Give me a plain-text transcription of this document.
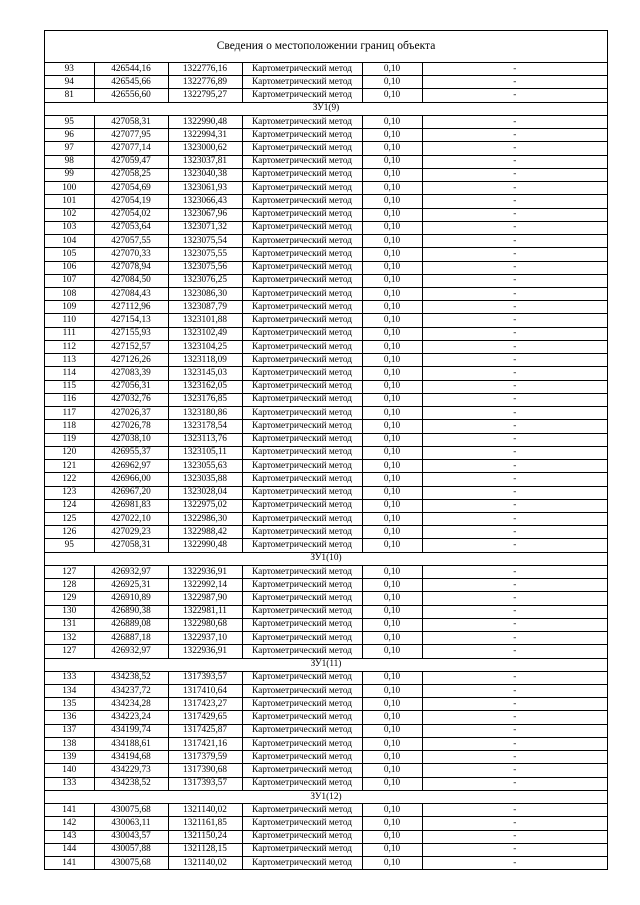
Сведения о местоположении границ объекта
93	426544,16	1322776,16	Картометрический метод	0,10	-
94	426545,66	1322776,89	Картометрический метод	0,10	-
81	426556,60	1322795,27	Картометрический метод	0,10	-
ЗУ1(9)					
95	427058,31	1322990,48	Картометрический метод	0,10	-
96	427077,95	1322994,31	Картометрический метод	0,10	-
97	427077,14	1323000,62	Картометрический метод	0,10	-
98	427059,47	1323037,81	Картометрический метод	0,10	-
99	427058,25	1323040,38	Картометрический метод	0,10	-
100	427054,69	1323061,93	Картометрический метод	0,10	-
101	427054,19	1323066,43	Картометрический метод	0,10	-
102	427054,02	1323067,96	Картометрический метод	0,10	-
103	427053,64	1323071,32	Картометрический метод	0,10	-
104	427057,55	1323075,54	Картометрический метод	0,10	-
105	427070,33	1323075,55	Картометрический метод	0,10	-
106	427078,94	1323075,56	Картометрический метод	0,10	-
107	427084,50	1323076,25	Картометрический метод	0,10	-
108	427084,43	1323086,30	Картометрический метод	0,10	-
109	427112,96	1323087,79	Картометрический метод	0,10	-
110	427154,13	1323101,88	Картометрический метод	0,10	-
111	427155,93	1323102,49	Картометрический метод	0,10	-
112	427152,57	1323104,25	Картометрический метод	0,10	-
113	427126,26	1323118,09	Картометрический метод	0,10	-
114	427083,39	1323145,03	Картометрический метод	0,10	-
115	427056,31	1323162,05	Картометрический метод	0,10	-
116	427032,76	1323176,85	Картометрический метод	0,10	-
117	427026,37	1323180,86	Картометрический метод	0,10	-
118	427026,78	1323178,54	Картометрический метод	0,10	-
119	427038,10	1323113,76	Картометрический метод	0,10	-
120	426955,37	1323105,11	Картометрический метод	0,10	-
121	426962,97	1323055,63	Картометрический метод	0,10	-
122	426966,00	1323035,88	Картометрический метод	0,10	-
123	426967,20	1323028,04	Картометрический метод	0,10	-
124	426981,83	1322975,02	Картометрический метод	0,10	-
125	427022,10	1322986,30	Картометрический метод	0,10	-
126	427029,23	1322988,42	Картометрический метод	0,10	-
95	427058,31	1322990,48	Картометрический метод	0,10	-
ЗУ1(10)					
127	426932,97	1322936,91	Картометрический метод	0,10	-
128	426925,31	1322992,14	Картометрический метод	0,10	-
129	426910,89	1322987,90	Картометрический метод	0,10	-
130	426890,38	1322981,11	Картометрический метод	0,10	-
131	426889,08	1322980,68	Картометрический метод	0,10	-
132	426887,18	1322937,10	Картометрический метод	0,10	-
127	426932,97	1322936,91	Картометрический метод	0,10	-
ЗУ1(11)					
133	434238,52	1317393,57	Картометрический метод	0,10	-
134	434237,72	1317410,64	Картометрический метод	0,10	-
135	434234,28	1317423,27	Картометрический метод	0,10	-
136	434223,24	1317429,65	Картометрический метод	0,10	-
137	434199,74	1317425,87	Картометрический метод	0,10	-
138	434188,61	1317421,16	Картометрический метод	0,10	-
139	434194,68	1317379,59	Картометрический метод	0,10	-
140	434229,73	1317390,68	Картометрический метод	0,10	-
133	434238,52	1317393,57	Картометрический метод	0,10	-
ЗУ1(12)					
141	430075,68	1321140,02	Картометрический метод	0,10	-
142	430063,11	1321161,85	Картометрический метод	0,10	-
143	430043,57	1321150,24	Картометрический метод	0,10	-
144	430057,88	1321128,15	Картометрический метод	0,10	-
141	430075,68	1321140,02	Картометрический метод	0,10	-
